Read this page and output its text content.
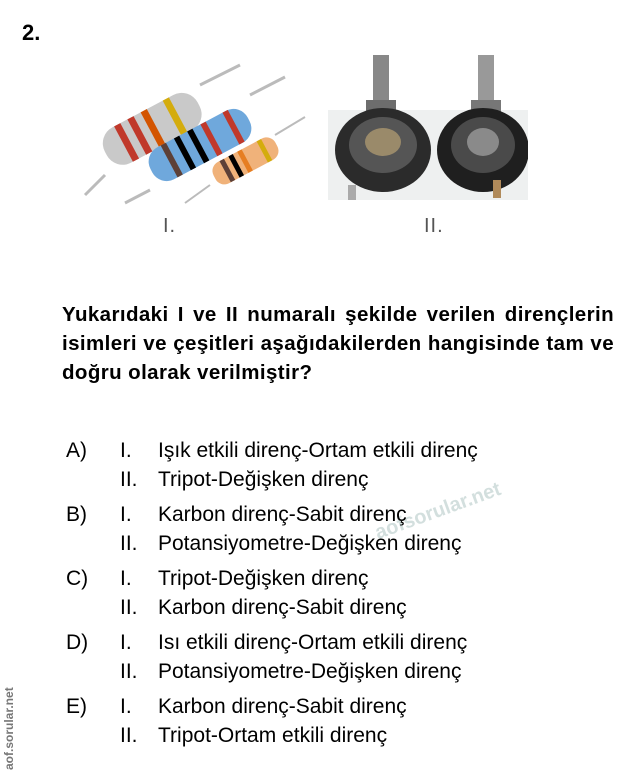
2.
I.	II.
Yukarıdaki I ve II numaralı şekilde verilen dirençlerin isimleri ve çeşitleri aşağıdakilerden hangisinde tam ve doğru olarak verilmiştir?
aofsorular.net
A) I.	Işık etkili direnç-Ortam etkili direnç
II. Tripot-Değişken direnç
B) I.	Karbon direnç-Sabit direnç
II. Potansiyometre-Değişken direnç
C) I.	Tripot-Değişken direnç
II. Karbon direnç-Sabit direnç
D) I.	Isı etkili direnç-Ortam etkili direnç
II. Potansiyometre-Değişken direnç
E) I.	Karbon direnç-Sabit direnç
II. Tripot-Ortam etkili direnç
aof.sorular.net
